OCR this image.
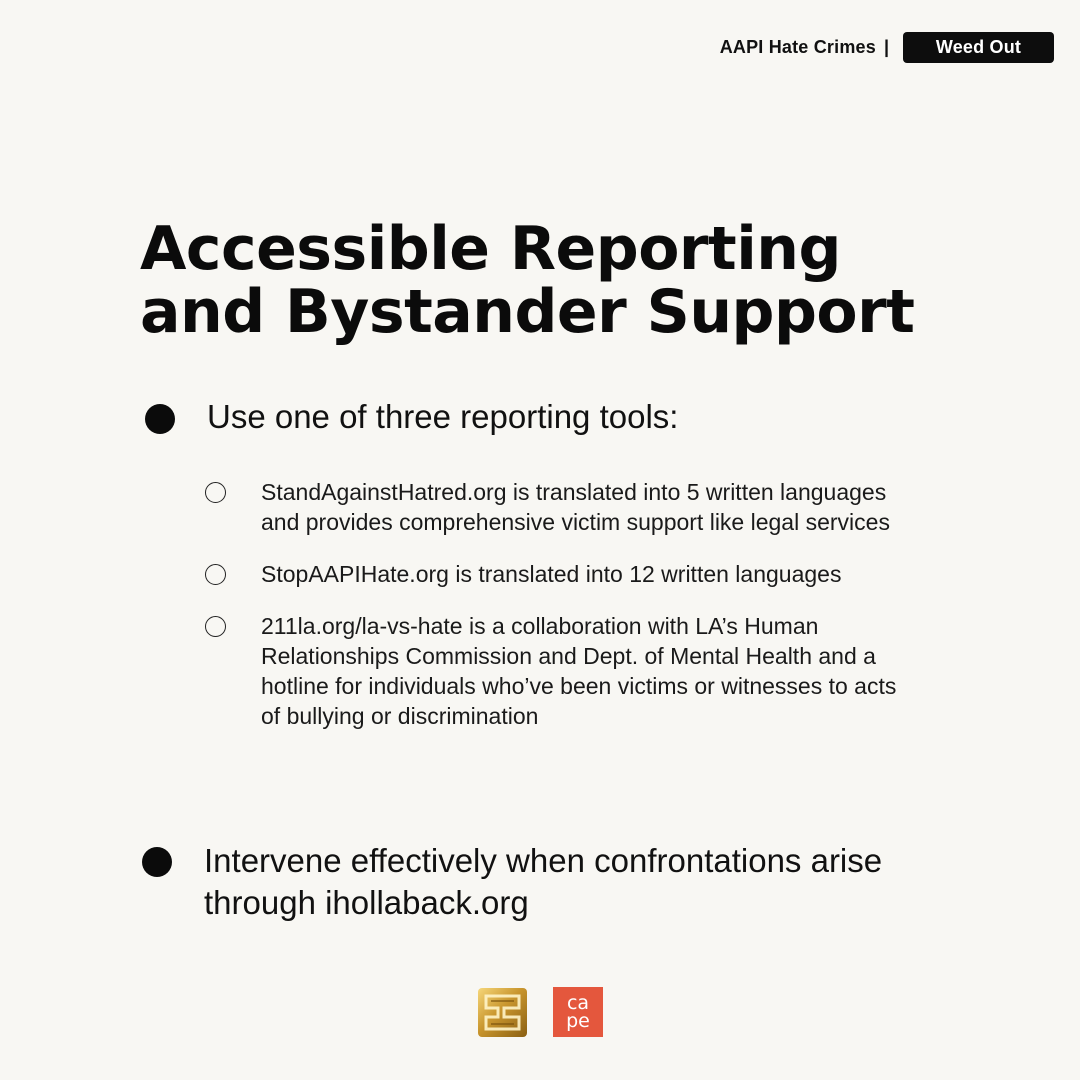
AAPI Hate Crimes |	Weed Out
Accessible Reporting
and Bystander Support
Use one of three reporting tools:
StandAgainstHatred.org is translated into 5 written languages and provides comprehensive victim support like legal services
StopAAPIHate.org is translated into 12 written languages
211la.org/la-vs-hate is a collaboration with LA’s Human Relationships Commission and Dept. of Mental Health and a hotline for individuals who’ve been victims or witnesses to acts of bullying or discrimination
Intervene effectively when confrontations arise through ihollaback.org
ca
pe
